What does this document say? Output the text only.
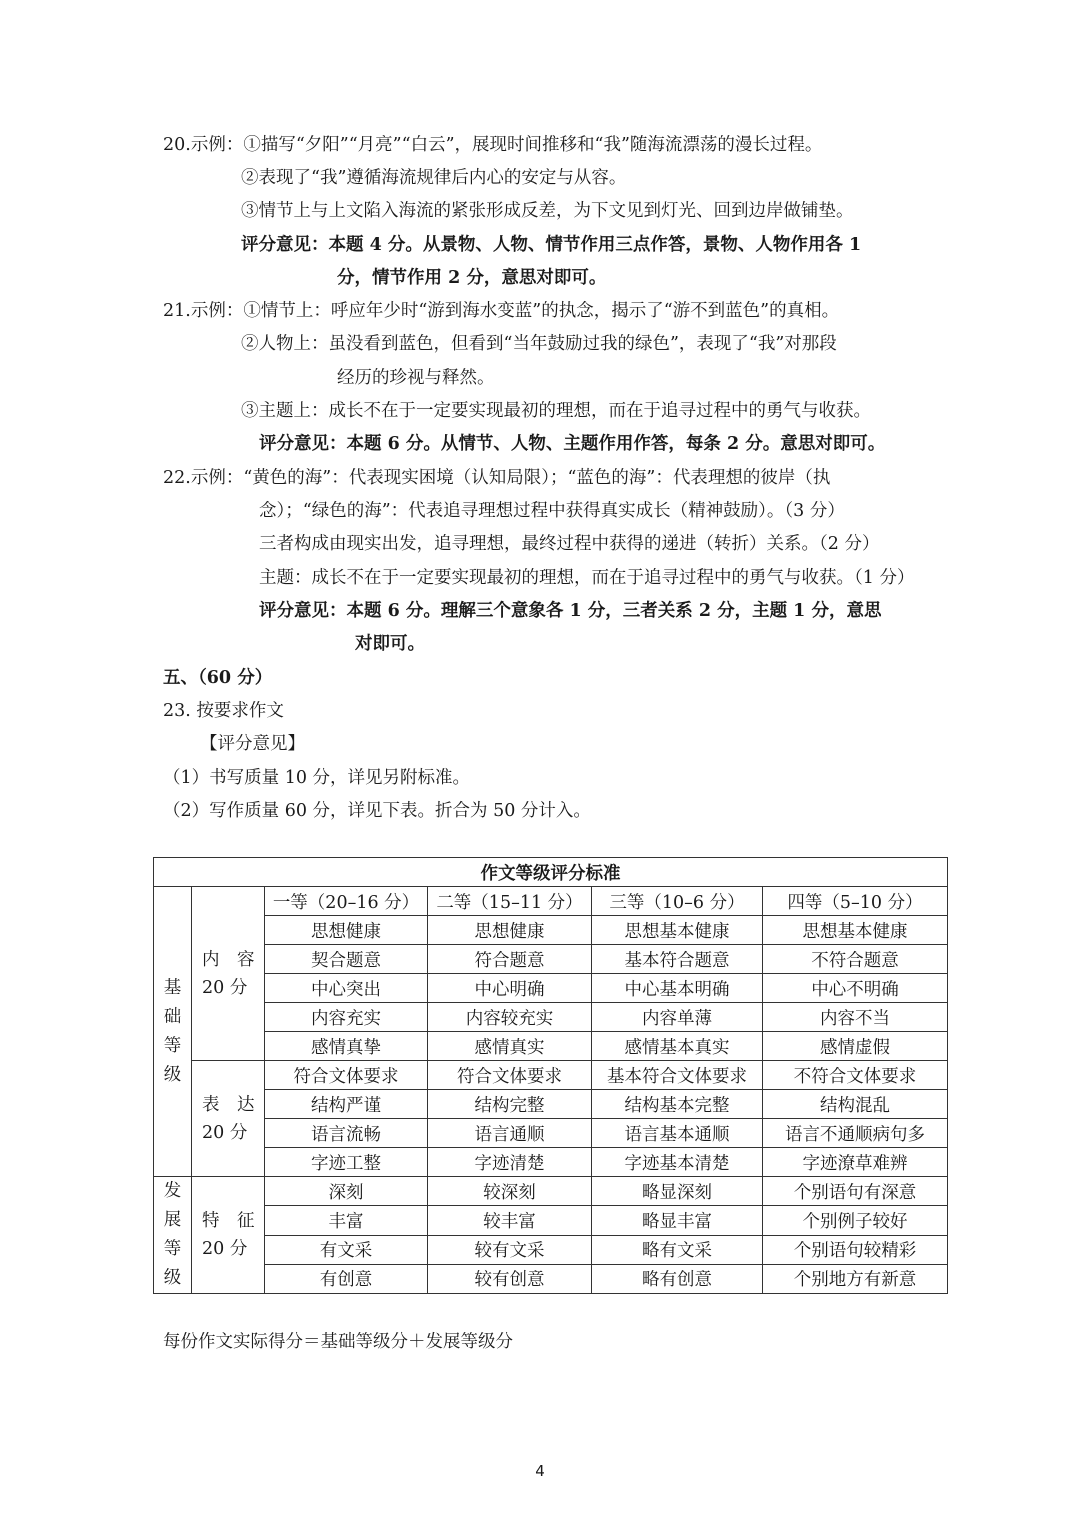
20.示例：①描写“夕阳”“月亮”“白云”，展现时间推移和“我”随海流漂荡的漫长过程。
②表现了“我”遵循海流规律后内心的安定与从容。
③情节上与上文陷入海流的紧张形成反差，为下文见到灯光、回到边岸做铺垫。
评分意见：本题 4 分。从景物、人物、情节作用三点作答，景物、人物作用各 1
分，情节作用 2 分，意思对即可。
21.示例：①情节上：呼应年少时“游到海水变蓝”的执念，揭示了“游不到蓝色”的真相。
②人物上：虽没看到蓝色，但看到“当年鼓励过我的绿色”，表现了“我”对那段
经历的珍视与释然。
③主题上：成长不在于一定要实现最初的理想，而在于追寻过程中的勇气与收获。
评分意见：本题 6 分。从情节、人物、主题作用作答，每条 2 分。意思对即可。
22.示例：“黄色的海”：代表现实困境（认知局限）；“蓝色的海”：代表理想的彼岸（执
念）；“绿色的海”：代表追寻理想过程中获得真实成长（精神鼓励）。（3 分）
三者构成由现实出发，追寻理想，最终过程中获得的递进（转折）关系。（2 分）
主题：成长不在于一定要实现最初的理想，而在于追寻过程中的勇气与收获。（1 分）
评分意见：本题 6 分。理解三个意象各 1 分，三者关系 2 分，主题 1 分，意思
对即可。
五、（60 分）
23. 按要求作文
【评分意见】
（1）书写质量 10 分，详见另附标准。
（2）写作质量 60 分，详见下表。折合为 50 分计入。
作文等级评分标准					

基
础
等
级	内　容
20 分	一等（20–16 分）	二等（15–11 分）	三等（10–6 分）	四等（5–10 分）
		思想健康	思想健康	思想基本健康	思想基本健康
		契合题意	符合题意	基本符合题意	不符合题意
		中心突出	中心明确	中心基本明确	中心不明确
		内容充实	内容较充实	内容单薄	内容不当
		感情真挚	感情真实	感情基本真实	感情虚假

	表　达
20 分	符合文体要求	符合文体要求	基本符合文体要求	不符合文体要求
		结构严谨	结构完整	结构基本完整	结构混乱
		语言流畅	语言通顺	语言基本通顺	语言不通顺病句多
		字迹工整	字迹清楚	字迹基本清楚	字迹潦草难辨

发
展
等
级	特　征
20 分	深刻	较深刻	略显深刻	个别语句有深意
		丰富	较丰富	略显丰富	个别例子较好
		有文采	较有文采	略有文采	个别语句较精彩
		有创意	较有创意	略有创意	个别地方有新意
每份作文实际得分＝基础等级分＋发展等级分
4
